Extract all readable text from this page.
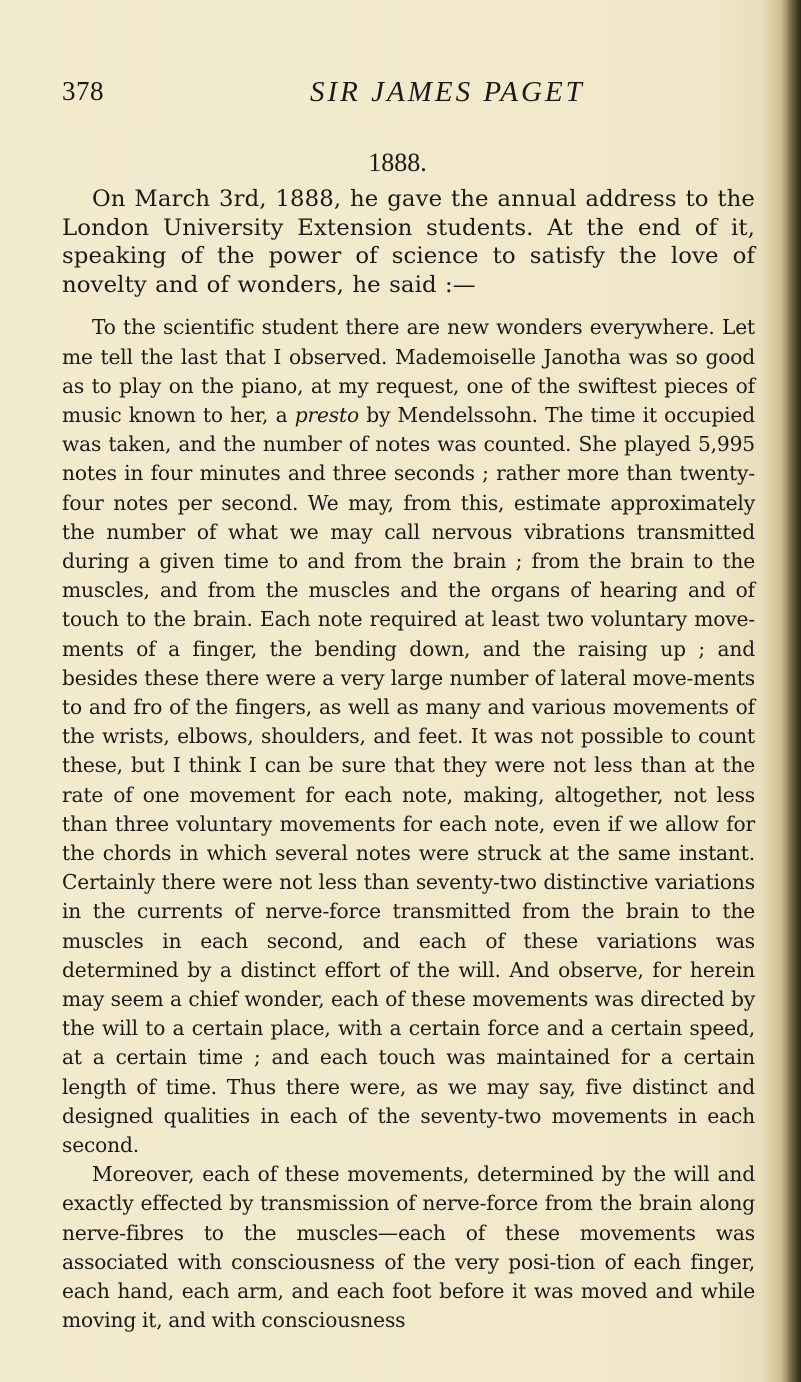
378	SIR JAMES PAGET
1888.

On March 3rd, 1888, he gave the annual address to the London University Extension students. At the end of it, speaking of the power of science to satisfy the love of novelty and of wonders, he said :—

To the scientific student there are new wonders everywhere. Let me tell the last that I observed. Mademoiselle Janotha was so good as to play on the piano, at my request, one of the swiftest pieces of music known to her, a presto by Mendelssohn. The time it occupied was taken, and the number of notes was counted. She played 5,995 notes in four minutes and three seconds ; rather more than twenty-four notes per second. We may, from this, estimate approximately the number of what we may call nervous vibrations transmitted during a given time to and from the brain ; from the brain to the muscles, and from the muscles and the organs of hearing and of touch to the brain. Each note required at least two voluntary move-ments of a finger, the bending down, and the raising up ; and besides these there were a very large number of lateral move-ments to and fro of the fingers, as well as many and various movements of the wrists, elbows, shoulders, and feet. It was not possible to count these, but I think I can be sure that they were not less than at the rate of one movement for each note, making, altogether, not less than three voluntary movements for each note, even if we allow for the chords in which several notes were struck at the same instant. Certainly there were not less than seventy-two distinctive variations in the currents of nerve-force transmitted from the brain to the muscles in each second, and each of these variations was determined by a distinct effort of the will. And observe, for herein may seem a chief wonder, each of these movements was directed by the will to a certain place, with a certain force and a certain speed, at a certain time ; and each touch was maintained for a certain length of time. Thus there were, as we may say, five distinct and designed qualities in each of the seventy-two movements in each second.

Moreover, each of these movements, determined by the will and exactly effected by transmission of nerve-force from the brain along nerve-fibres to the muscles—each of these movements was associated with consciousness of the very posi-tion of each finger, each hand, each arm, and each foot before it was moved and while moving it, and with consciousness
